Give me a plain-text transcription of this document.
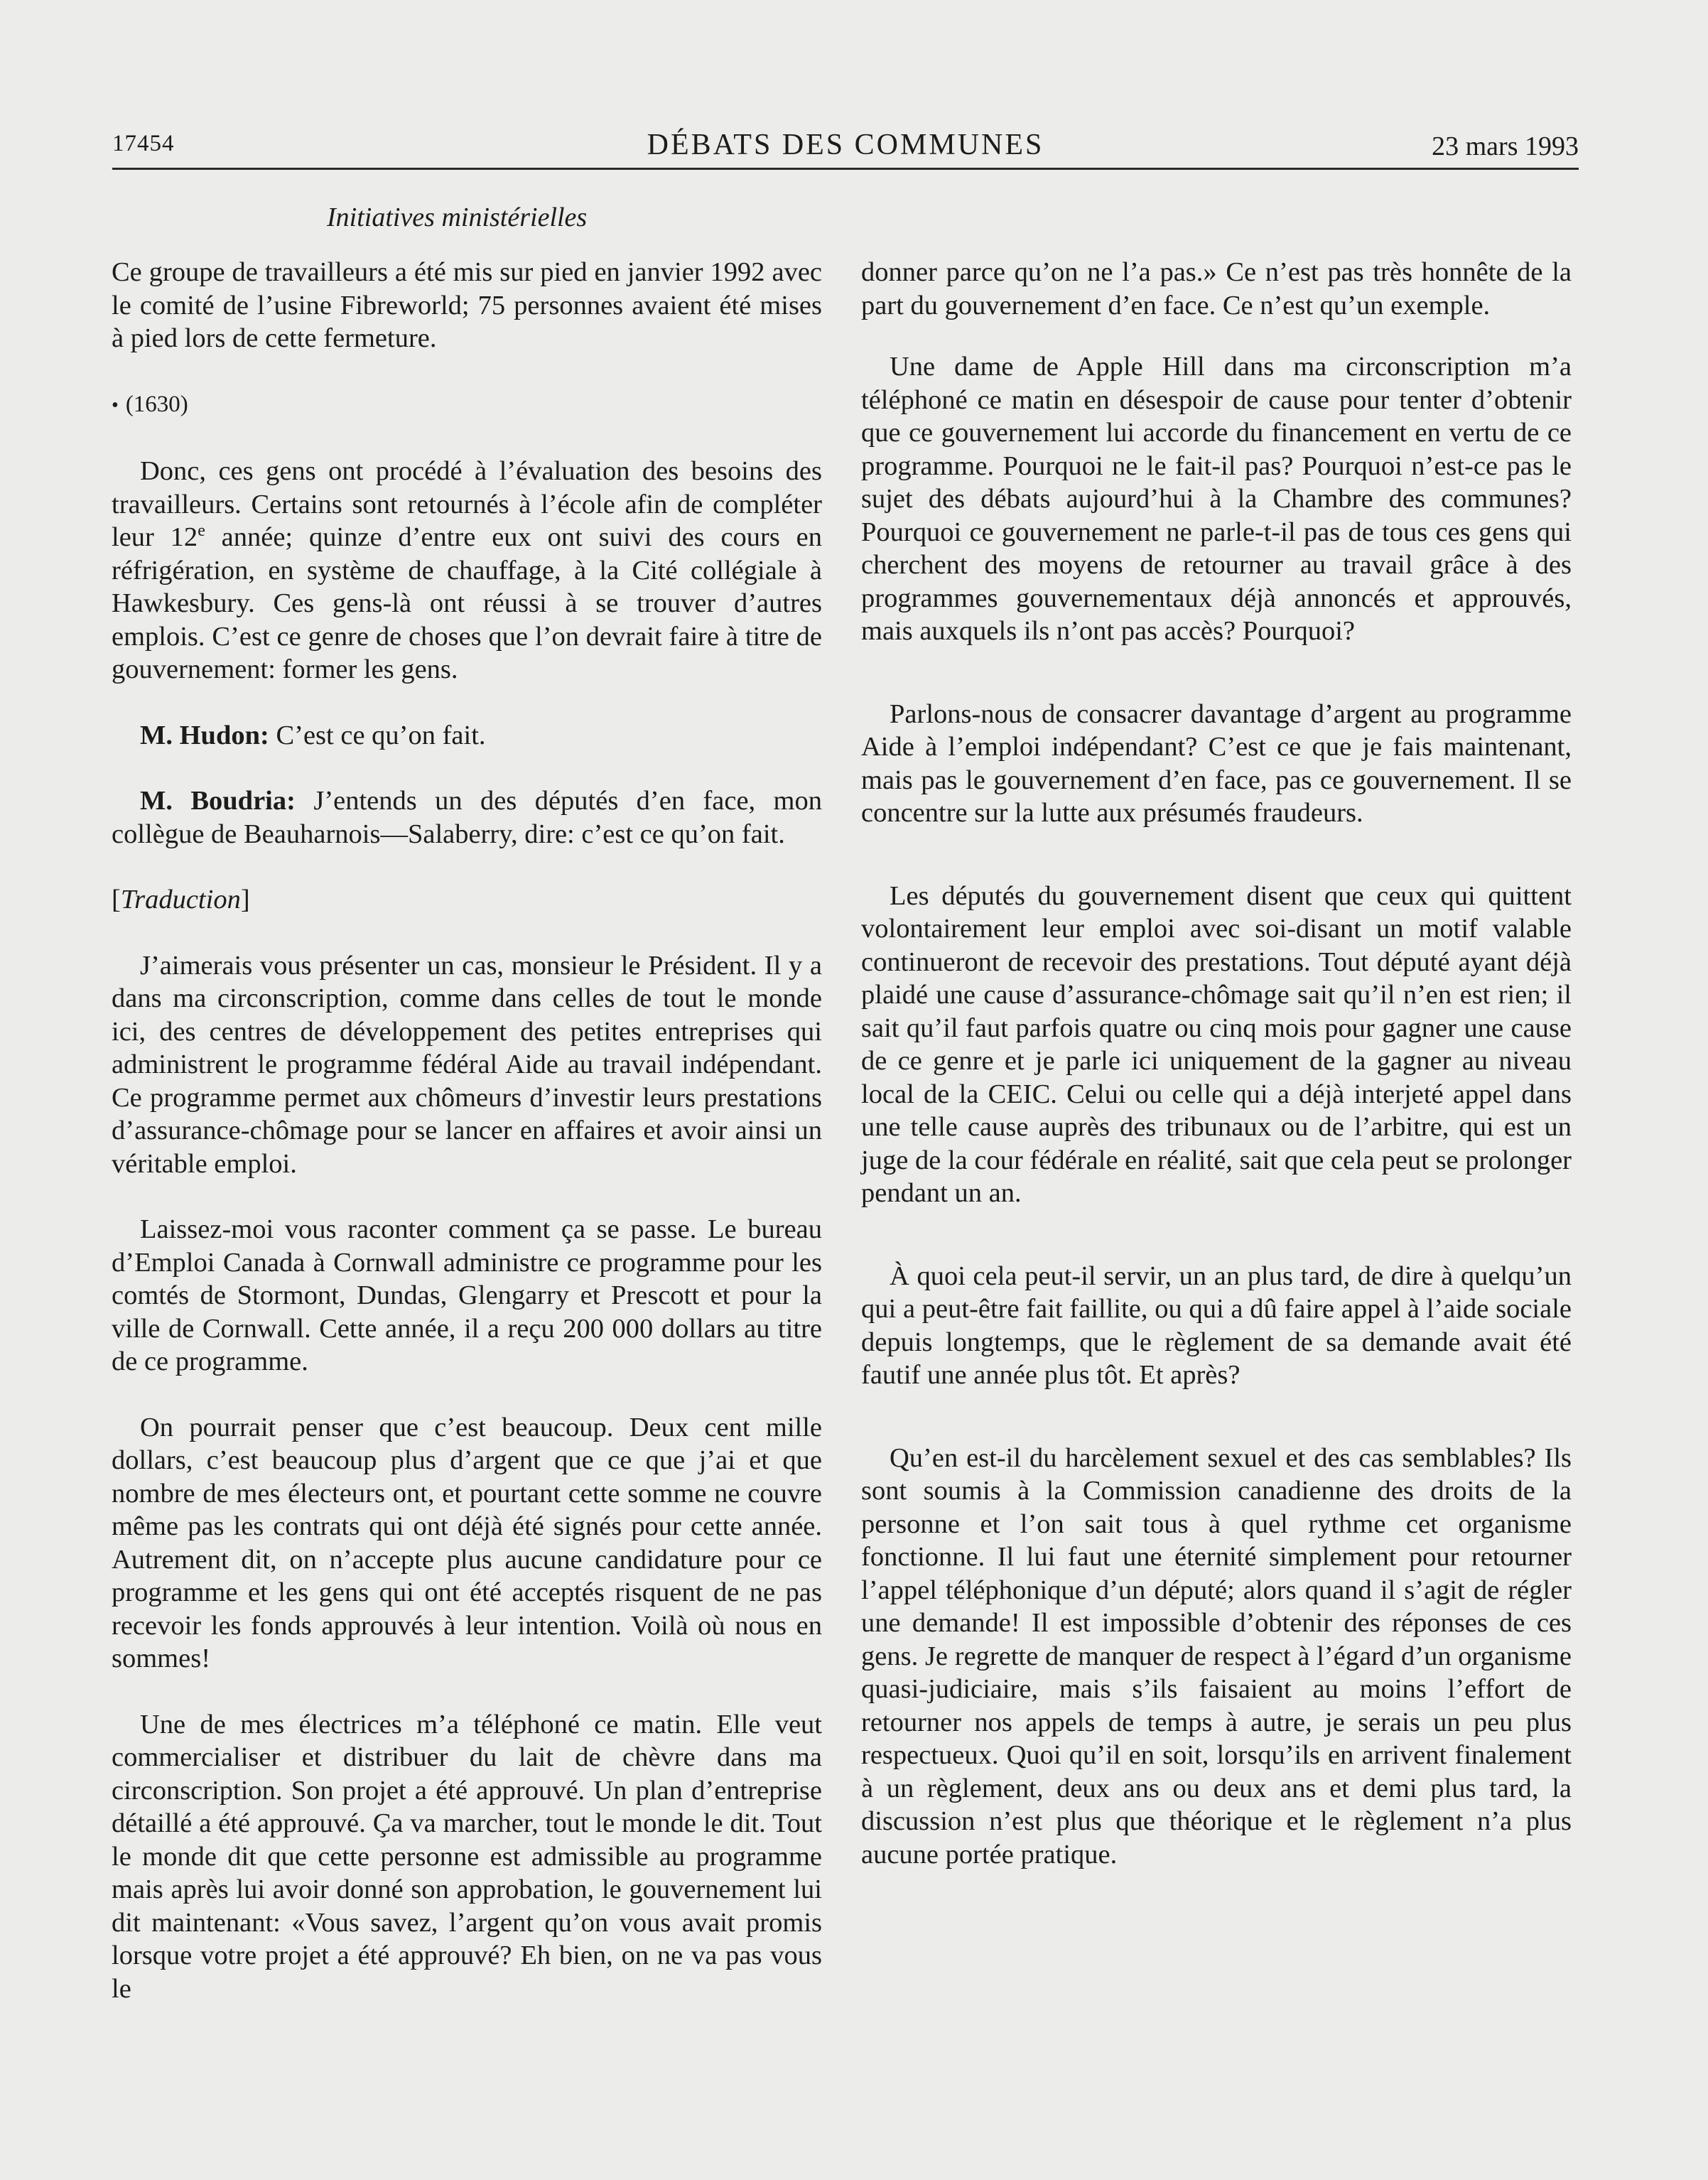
17454	DÉBATS DES COMMUNES	23 mars 1993
Initiatives ministérielles

Ce groupe de travailleurs a été mis sur pied en janvier 1992 avec le comité de l’usine Fibreworld; 75 personnes avaient été mises à pied lors de cette fermeture.

• (1630)

Donc, ces gens ont procédé à l’évaluation des besoins des travailleurs. Certains sont retournés à l’école afin de compléter leur 12e année; quinze d’entre eux ont suivi des cours en réfrigération, en système de chauffage, à la Cité collégiale à Hawkesbury. Ces gens-là ont réussi à se trouver d’autres emplois. C’est ce genre de choses que l’on devrait faire à titre de gouvernement: former les gens.

M. Hudon: C’est ce qu’on fait.

M. Boudria: J’entends un des députés d’en face, mon collègue de Beauharnois—Salaberry, dire: c’est ce qu’on fait.

[Traduction]

J’aimerais vous présenter un cas, monsieur le Président. Il y a dans ma circonscription, comme dans celles de tout le monde ici, des centres de développement des petites entreprises qui administrent le programme fédéral Aide au travail indépendant. Ce programme permet aux chômeurs d’investir leurs prestations d’assurance-chômage pour se lancer en affaires et avoir ainsi un véritable emploi.

Laissez-moi vous raconter comment ça se passe. Le bureau d’Emploi Canada à Cornwall administre ce programme pour les comtés de Stormont, Dundas, Glengarry et Prescott et pour la ville de Cornwall. Cette année, il a reçu 200 000 dollars au titre de ce programme.

On pourrait penser que c’est beaucoup. Deux cent mille dollars, c’est beaucoup plus d’argent que ce que j’ai et que nombre de mes électeurs ont, et pourtant cette somme ne couvre même pas les contrats qui ont déjà été signés pour cette année. Autrement dit, on n’accepte plus aucune candidature pour ce programme et les gens qui ont été acceptés risquent de ne pas recevoir les fonds approuvés à leur intention. Voilà où nous en sommes!

Une de mes électrices m’a téléphoné ce matin. Elle veut commercialiser et distribuer du lait de chèvre dans ma circonscription. Son projet a été approuvé. Un plan d’entreprise détaillé a été approuvé. Ça va marcher, tout le monde le dit. Tout le monde dit que cette personne est admissible au programme mais après lui avoir donné son approbation, le gouvernement lui dit maintenant: «Vous savez, l’argent qu’on vous avait promis lorsque votre projet a été approuvé? Eh bien, on ne va pas vous le

donner parce qu’on ne l’a pas.» Ce n’est pas très honnête de la part du gouvernement d’en face. Ce n’est qu’un exemple.

Une dame de Apple Hill dans ma circonscription m’a téléphoné ce matin en désespoir de cause pour tenter d’obtenir que ce gouvernement lui accorde du financement en vertu de ce programme. Pourquoi ne le fait-il pas? Pourquoi n’est-ce pas le sujet des débats aujourd’hui à la Chambre des communes? Pourquoi ce gouvernement ne parle-t-il pas de tous ces gens qui cherchent des moyens de retourner au travail grâce à des programmes gouvernementaux déjà annoncés et approuvés, mais auxquels ils n’ont pas accès? Pourquoi?

Parlons-nous de consacrer davantage d’argent au programme Aide à l’emploi indépendant? C’est ce que je fais maintenant, mais pas le gouvernement d’en face, pas ce gouvernement. Il se concentre sur la lutte aux présumés fraudeurs.

Les députés du gouvernement disent que ceux qui quittent volontairement leur emploi avec soi-disant un motif valable continueront de recevoir des prestations. Tout député ayant déjà plaidé une cause d’assurance-chômage sait qu’il n’en est rien; il sait qu’il faut parfois quatre ou cinq mois pour gagner une cause de ce genre et je parle ici uniquement de la gagner au niveau local de la CEIC. Celui ou celle qui a déjà interjeté appel dans une telle cause auprès des tribunaux ou de l’arbitre, qui est un juge de la cour fédérale en réalité, sait que cela peut se prolonger pendant un an.

À quoi cela peut-il servir, un an plus tard, de dire à quelqu’un qui a peut-être fait faillite, ou qui a dû faire appel à l’aide sociale depuis longtemps, que le règlement de sa demande avait été fautif une année plus tôt. Et après?

Qu’en est-il du harcèlement sexuel et des cas semblables? Ils sont soumis à la Commission canadienne des droits de la personne et l’on sait tous à quel rythme cet organisme fonctionne. Il lui faut une éternité simplement pour retourner l’appel téléphonique d’un député; alors quand il s’agit de régler une demande! Il est impossible d’obtenir des réponses de ces gens. Je regrette de manquer de respect à l’égard d’un organisme quasi-judiciaire, mais s’ils faisaient au moins l’effort de retourner nos appels de temps à autre, je serais un peu plus respectueux. Quoi qu’il en soit, lorsqu’ils en arrivent finalement à un règlement, deux ans ou deux ans et demi plus tard, la discussion n’est plus que théorique et le règlement n’a plus aucune portée pratique.
